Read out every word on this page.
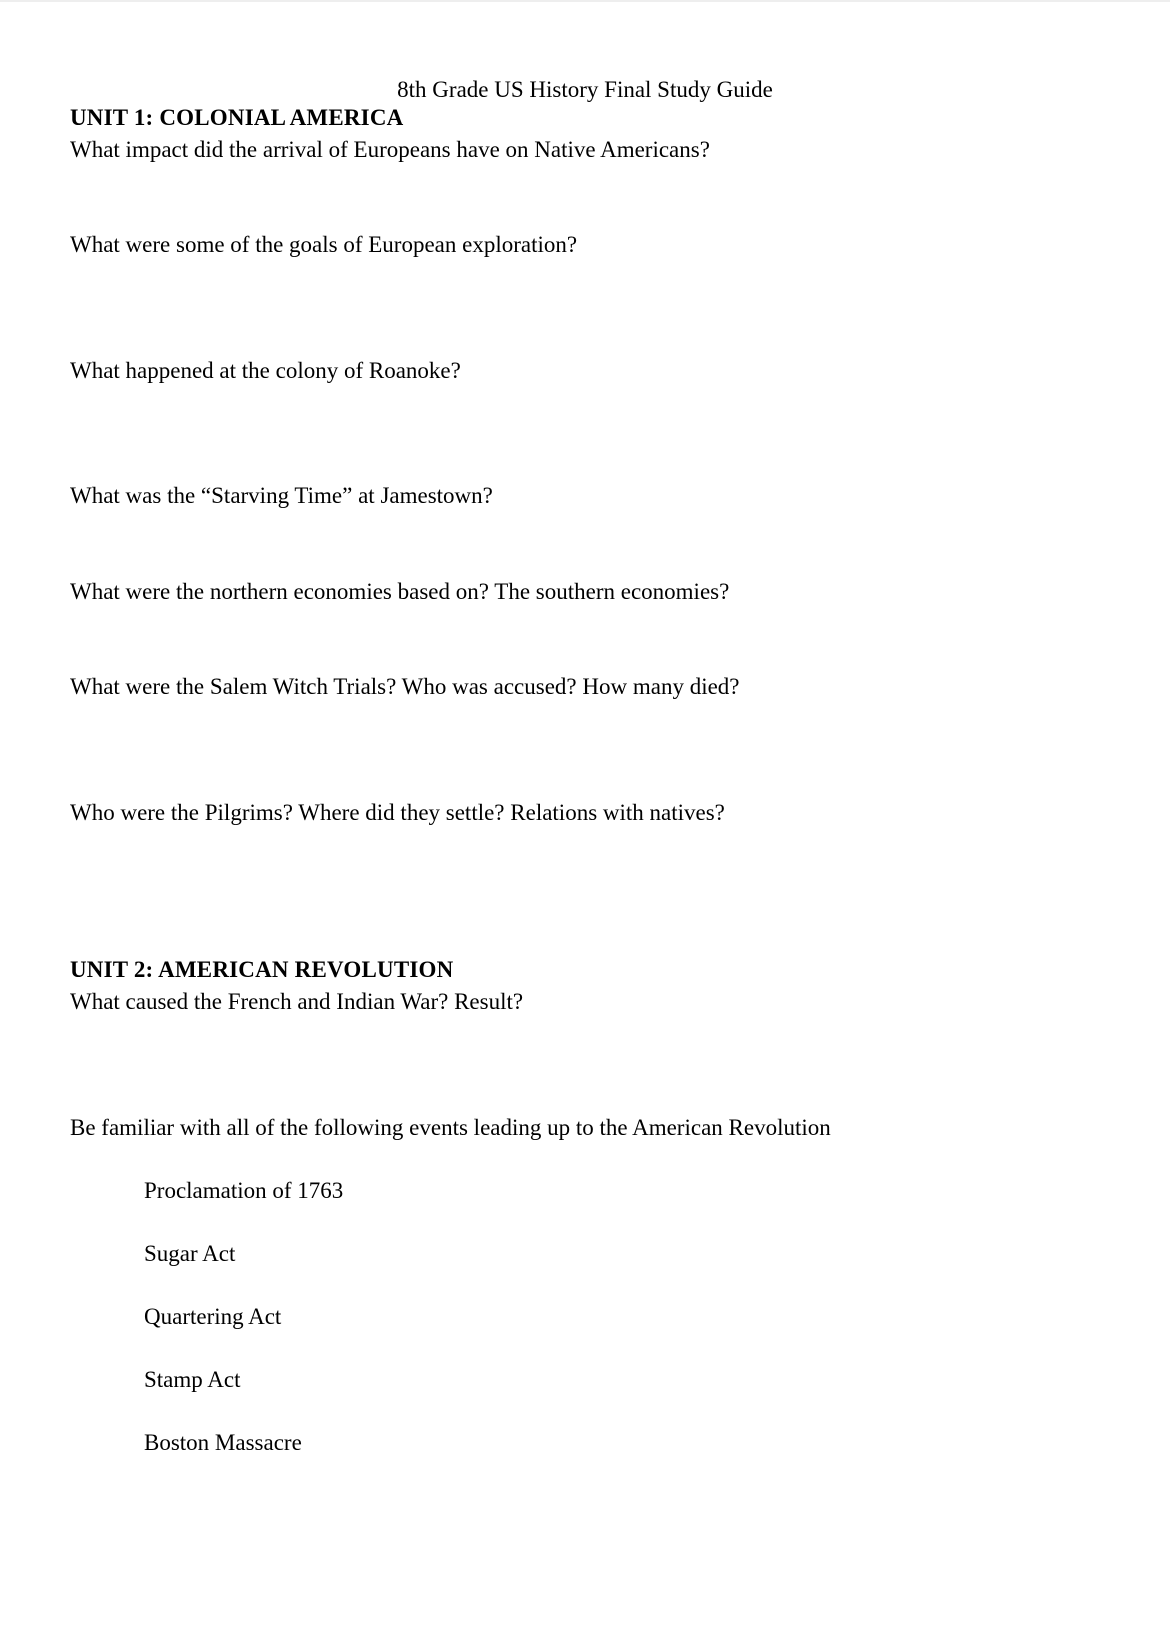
8th Grade US History Final Study Guide
UNIT 1: COLONIAL AMERICA
What impact did the arrival of Europeans have on Native Americans?
What were some of the goals of European exploration?
What happened at the colony of Roanoke?
What was the “Starving Time” at Jamestown?
What were the northern economies based on? The southern economies?
What were the Salem Witch Trials? Who was accused? How many died?
Who were the Pilgrims? Where did they settle? Relations with natives?
UNIT 2: AMERICAN REVOLUTION
What caused the French and Indian War? Result?
Be familiar with all of the following events leading up to the American Revolution
Proclamation of 1763
Sugar Act
Quartering Act
Stamp Act
Boston Massacre
